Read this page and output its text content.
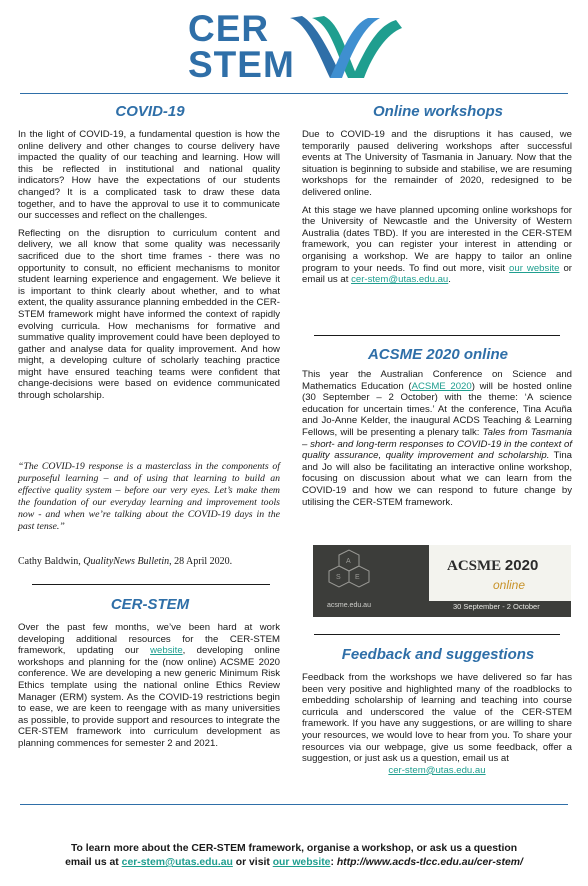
CER
STEM
COVID-19

In the light of COVID-19, a fundamental question is how the online delivery and other changes to course delivery have impacted the quality of our teaching and learning. How will this be reflected in institutional and national quality indicators? How have the expectations of our students changed? It is a complicated task to draw these data together, and to have the approval to use it to communicate our successes and reflect on the challenges.

Reflecting on the disruption to curriculum content and delivery, we all know that some quality was necessarily sacrificed due to the short time frames - there was no opportunity to consult, no efficient mechanisms to monitor student learning experience and engagement. We believe it is important to think clearly about whether, and to what extent, the quality assurance planning embedded in the CER-STEM framework might have informed the context of rapidly evolving curricula. How mechanisms for formative and summative quality improvement could have been deployed to gather and analyse data for quality improvement. And how might, a developing culture of scholarly teaching practice might have ensured teaching teams were confident that change-decisions were based on evidence communicated through scholarship.

“The COVID-19 response is a masterclass in the components of purposeful learning – and of using that learning to build an effective quality system – before our very eyes. Let’s make them the foundation of our everyday learning and improvement tools now - and when we’re talking about the COVID-19 days in the past tense.”
Cathy Baldwin, QualityNews Bulletin, 28 April 2020.
CER-STEM
Over the past few months, we’ve been hard at work developing additional resources for the CER-STEM framework, updating our website, developing online workshops and planning for the (now online) ACSME 2020 conference. We are developing a new generic Minimum Risk Ethics template using the national online Ethics Review Manager (ERM) system. As the COVID-19 restrictions begin to ease, we are keen to reengage with as many universities as possible, to provide support and resources to integrate the CER-STEM framework into curriculum development as planning commences for semester 2 and 2021.
Online workshops

Due to COVID-19 and the disruptions it has caused, we temporarily paused delivering workshops after successful events at The University of Tasmania in January. Now that the situation is beginning to subside and stabilise, we are resuming workshops for the remainder of 2020, redesigned to be delivered online.

At this stage we have planned upcoming online workshops for the University of Newcastle and the University of Western Australia (dates TBD). If you are interested in the CER-STEM framework, you can register your interest in attending or organising a workshop. We are happy to tailor an online program to your needs. To find out more, visit our website or email us at cer-stem@utas.edu.au.

ACSME 2020 online
This year the Australian Conference on Science and Mathematics Education (ACSME 2020) will be hosted online (30 September – 2 October) with the theme: ‘A science education for uncertain times.’ At the conference, Tina Acuña and Jo-Anne Kelder, the inaugural ACDS Teaching & Learning Fellows, will be presenting a plenary talk: Tales from Tasmania – short- and long-term responses to COVID-19 in the context of quality assurance, quality improvement and scholarship. Tina and Jo will also be facilitating an interactive online workshop, focusing on discussion about what we can learn from the COVID-19 and how we can respond to future change by utilising the CER-STEM framework.
A
E
S
acsme.edu.au
ACSME 2020
online
30 September - 2 October
Feedback and suggestions
Feedback from the workshops we have delivered so far has been very positive and highlighted many of the roadblocks to embedding scholarship of learning and teaching into course curricula and underscored the value of the CER-STEM framework. If you have any suggestions, or are willing to share your resources, we would love to hear from you. To share your resources via our webpage, give us some feedback, offer a suggestion, or just ask us a question, email us at
cer-stem@utas.edu.au
To learn more about the CER-STEM framework, organise a workshop, or ask us a question
email us at cer-stem@utas.edu.au or visit our website: http://www.acds-tlcc.edu.au/cer-stem/
